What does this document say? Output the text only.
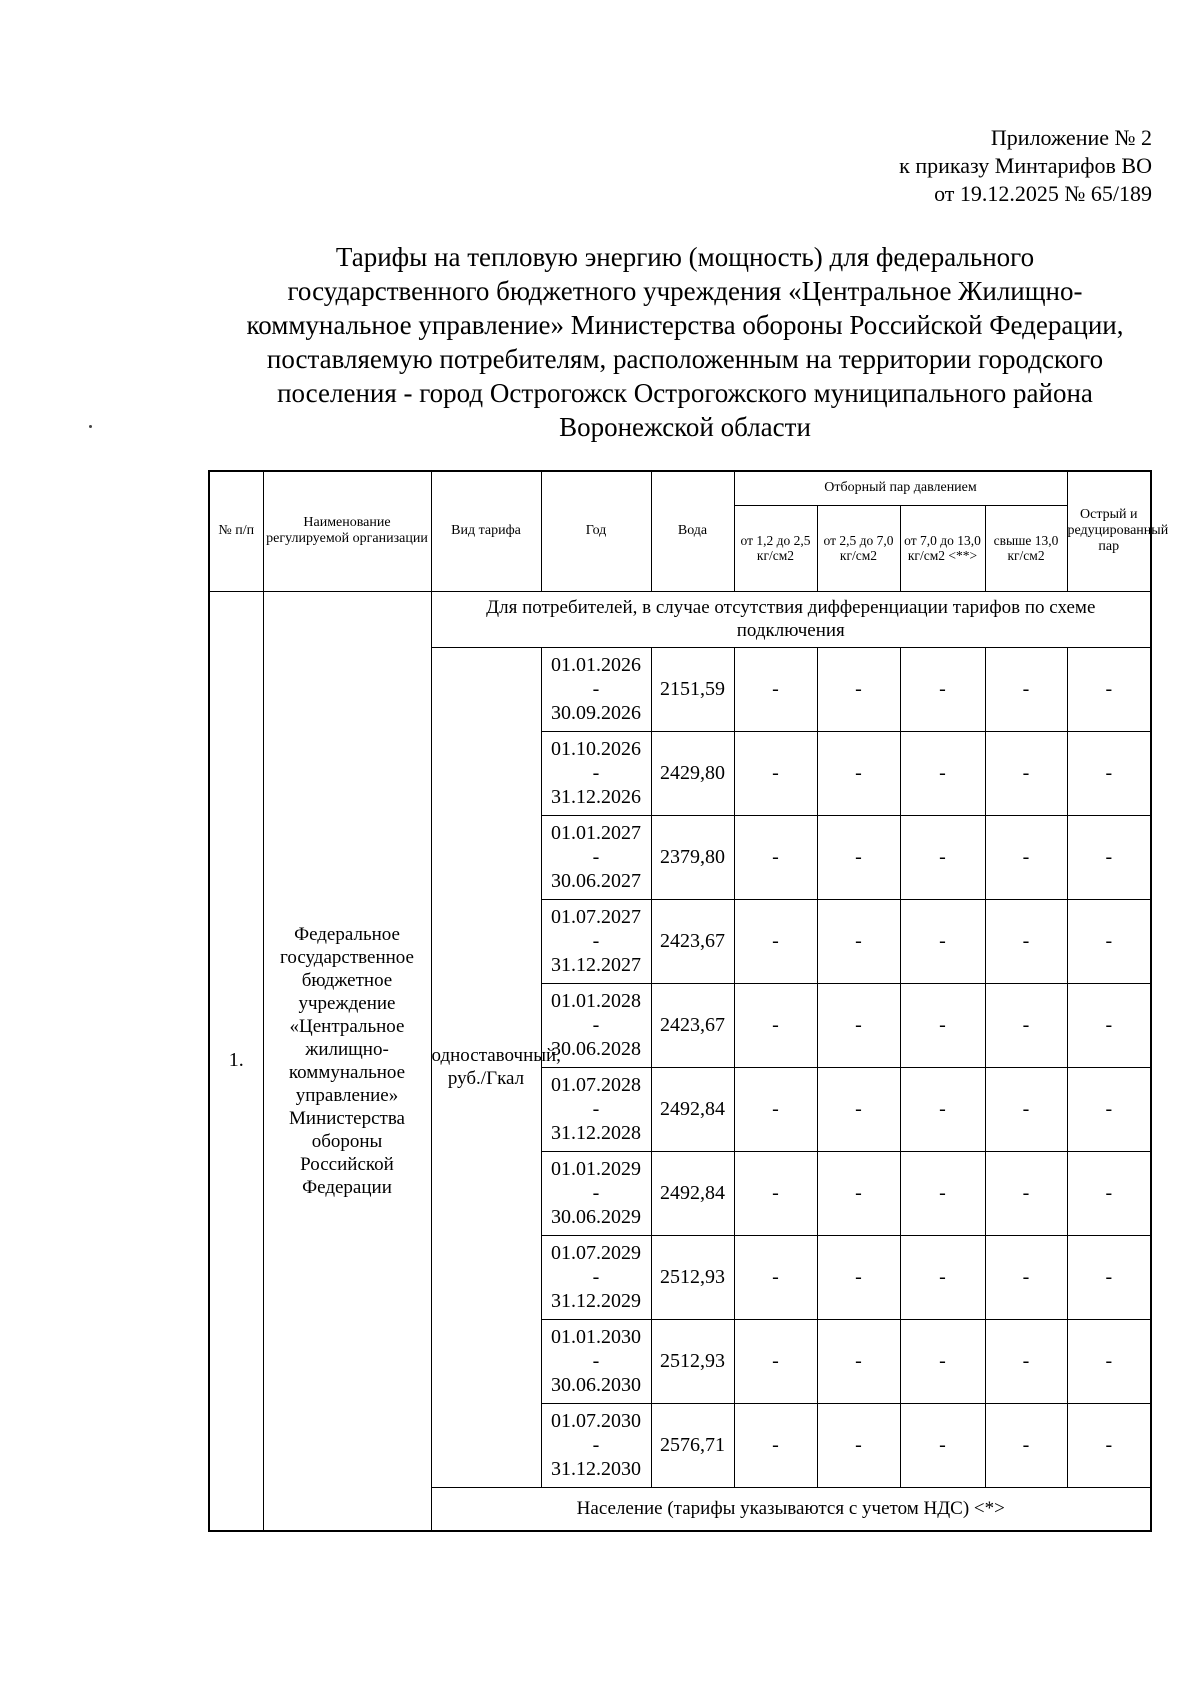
Приложение № 2
к приказу Минтарифов ВО
от 19.12.2025 № 65/189
Тарифы на тепловую энергию (мощность) для федерального
государственного бюджетного учреждения «Центральное Жилищно-
коммунальное управление» Министерства обороны Российской Федерации,
поставляемую потребителям, расположенным на территории городского
поселения - город Острогожск Острогожского муниципального района
Воронежской области
№ п/п	Наименование регулируемой организации	Вид тарифа	Год	Вода	Отборный пар давлением				Острый и редуцированный пар
					от 1,2 до 2,5 кг/см2	от 2,5 до 7,0 кг/см2	от 7,0 до 13,0 кг/см2 <**>	свыше 13,0 кг/см2	
1.	Федеральное государственное бюджетное учреждение «Центральное жилищно-коммунальное управление» Министерства обороны Российской Федерации	Для потребителей, в случае отсутствия дифференциации тарифов по схеме подключения							
		одноставочный, руб./Гкал	01.01.2026
-
30.09.2026	2151,59	-	-	-	-	-

			01.10.2026
-
31.12.2026	2429,80	-	-	-	-	-

			01.01.2027
-
30.06.2027	2379,80	-	-	-	-	-

			01.07.2027
-
31.12.2027	2423,67	-	-	-	-	-

			01.01.2028
-
30.06.2028	2423,67	-	-	-	-	-

			01.07.2028
-
31.12.2028	2492,84	-	-	-	-	-

			01.01.2029
-
30.06.2029	2492,84	-	-	-	-	-

			01.07.2029
-
31.12.2029	2512,93	-	-	-	-	-

			01.01.2030
-
30.06.2030	2512,93	-	-	-	-	-

			01.07.2030
-
31.12.2030	2576,71	-	-	-	-	-
		Население (тарифы указываются с учетом НДС) <*>							
